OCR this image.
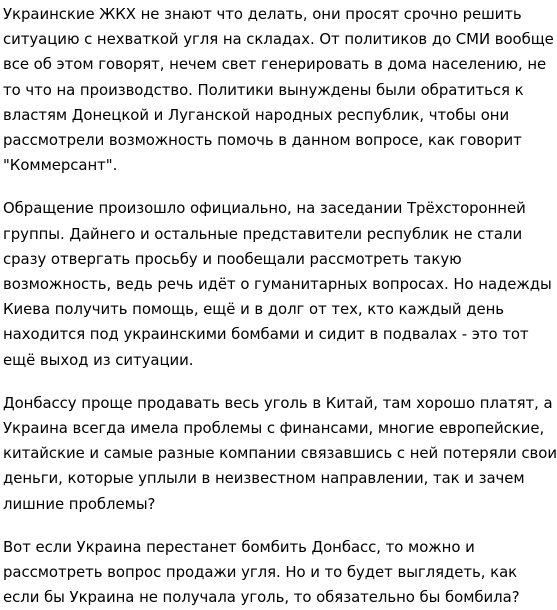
Украинские ЖКХ не знают что делать, они просят срочно решить ситуацию с нехваткой угля на складах. От политиков до СМИ вообще все об этом говорят, нечем свет генерировать в дома населению, не то что на производство. Политики вынуждены были обратиться к властям Донецкой и Луганской народных республик, чтобы они рассмотрели возможность помочь в данном вопросе, как говорит "Коммерсант".

Обращение произошло официально, на заседании Трёхсторонней группы. Дайнего и остальные представители республик не стали сразу отвергать просьбу и пообещали рассмотреть такую возможность, ведь речь идёт о гуманитарных вопросах. Но надежды Киева получить помощь, ещё и в долг от тех, кто каждый день находится под украинскими бомбами и сидит в подвалах - это тот ещё выход из ситуации.

Донбассу проще продавать весь уголь в Китай, там хорошо платят, а Украина всегда имела проблемы с финансами, многие европейские, китайские и самые разные компании связавшись с ней потеряли свои деньги, которые уплыли в неизвестном направлении, так и зачем лишние проблемы?

Вот если Украина перестанет бомбить Донбасс, то можно и рассмотреть вопрос продажи угля. Но и то будет выглядеть, как если бы Украина не получала уголь, то обязательно бы бомбила?
